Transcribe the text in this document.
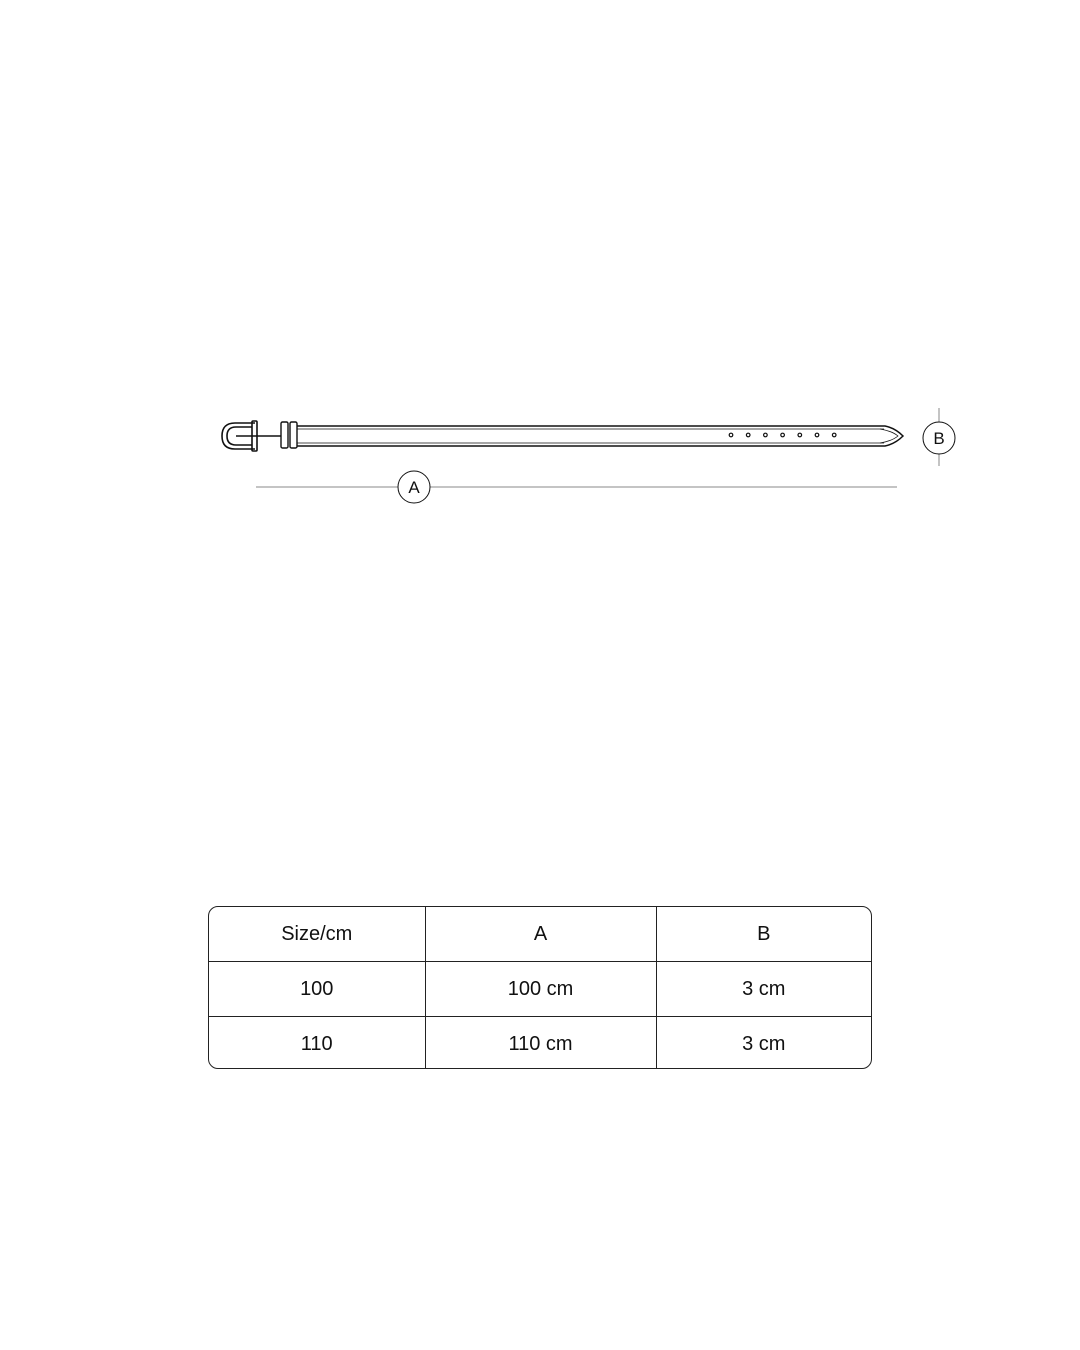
A
B
Size/cm	A	B
100	100 cm	3 cm
110	110 cm	3 cm
